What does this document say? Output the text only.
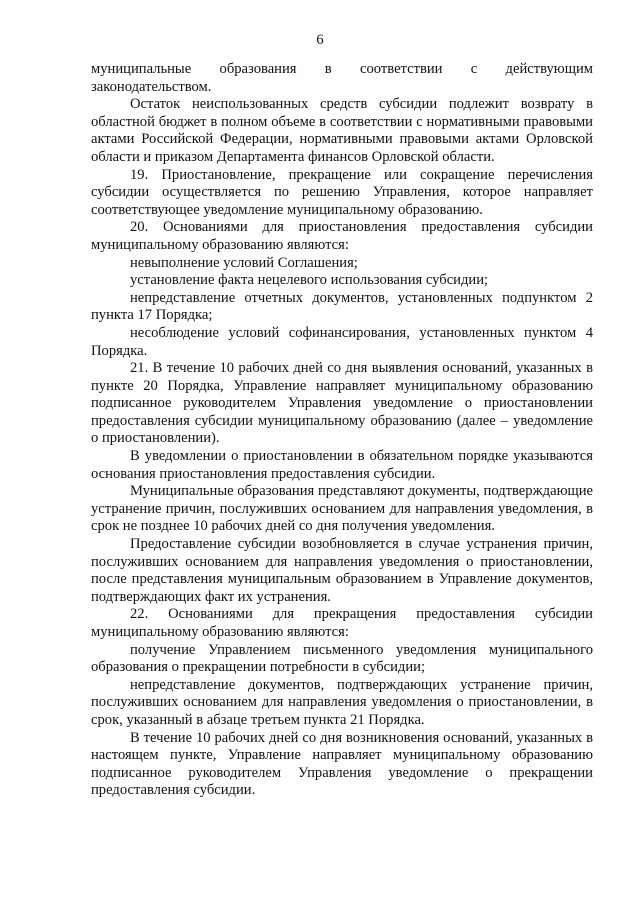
6

муниципальные образования в соответствии с действующим законодательством.

Остаток неиспользованных средств субсидии подлежит возврату в областной бюджет в полном объеме в соответствии с нормативными правовыми актами Российской Федерации, нормативными правовыми актами Орловской области и приказом Департамента финансов Орловской области.

19. Приостановление, прекращение или сокращение перечисления субсидии осуществляется по решению Управления, которое направляет соответствующее уведомление муниципальному образованию.

20. Основаниями для приостановления предоставления субсидии муниципальному образованию являются:

невыполнение условий Соглашения;

установление факта нецелевого использования субсидии;

непредставление отчетных документов, установленных подпунктом 2 пункта 17 Порядка;

несоблюдение условий софинансирования, установленных пунктом 4 Порядка.

21. В течение 10 рабочих дней со дня выявления оснований, указанных в пункте 20 Порядка, Управление направляет муниципальному образованию подписанное руководителем Управления уведомление о приостановлении предоставления субсидии муниципальному образованию (далее – уведомление о приостановлении).

В уведомлении о приостановлении в обязательном порядке указываются основания приостановления предоставления субсидии.

Муниципальные образования представляют документы, подтверждающие устранение причин, послуживших основанием для направления уведомления, в срок не позднее 10 рабочих дней со дня получения уведомления.

Предоставление субсидии возобновляется в случае устранения причин, послуживших основанием для направления уведомления о приостановлении, после представления муниципальным образованием в Управление документов, подтверждающих факт их устранения.

22. Основаниями для прекращения предоставления субсидии муниципальному образованию являются:

получение Управлением письменного уведомления муниципального образования о прекращении потребности в субсидии;

непредставление документов, подтверждающих устранение причин, послуживших основанием для направления уведомления о приостановлении, в срок, указанный в абзаце третьем пункта 21 Порядка.

В течение 10 рабочих дней со дня возникновения оснований, указанных в настоящем пункте, Управление направляет муниципальному образованию подписанное руководителем Управления уведомление о прекращении предоставления субсидии.
